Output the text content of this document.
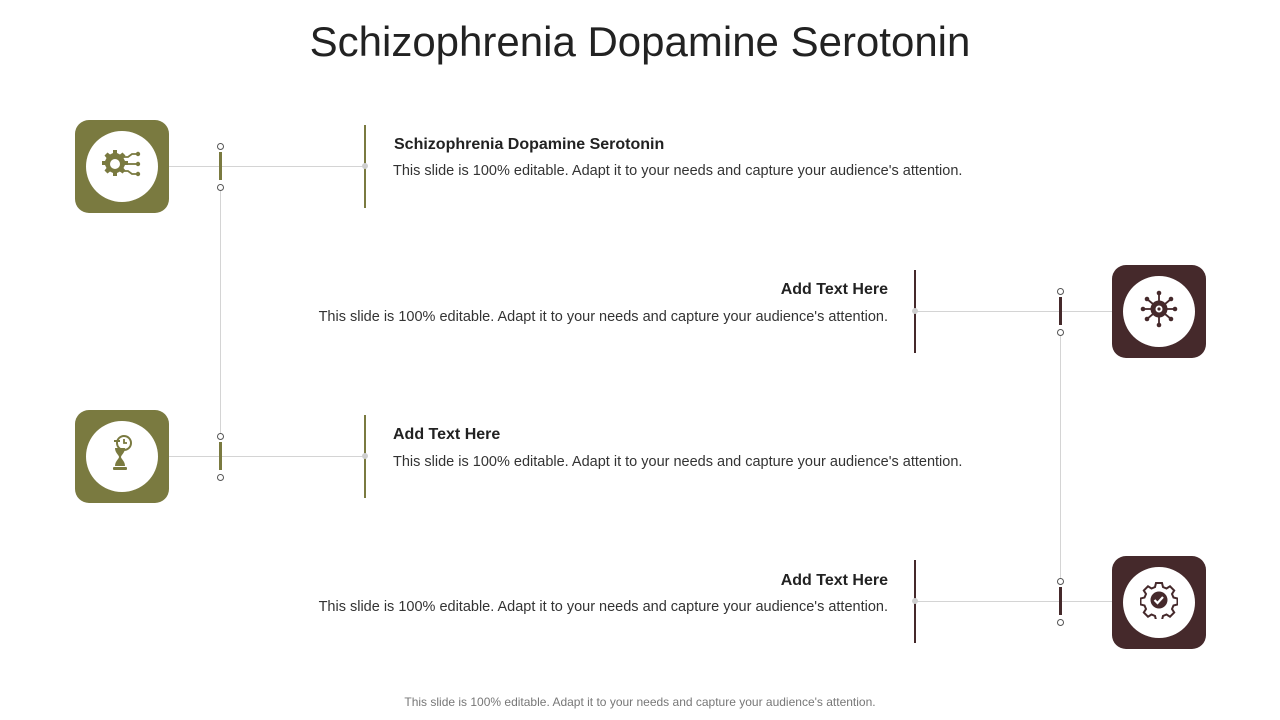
Schizophrenia Dopamine Serotonin
Schizophrenia Dopamine Serotonin
This slide is 100% editable. Adapt it to your needs and capture your audience's attention.
Add Text Here
This slide is 100% editable. Adapt it to your needs and capture your audience's attention.
Add Text Here
This slide is 100% editable. Adapt it to your needs and capture your audience's attention.
Add Text Here
This slide is 100% editable. Adapt it to your needs and capture your audience's attention.
This slide is 100% editable. Adapt it to your needs and capture your audience's attention.
